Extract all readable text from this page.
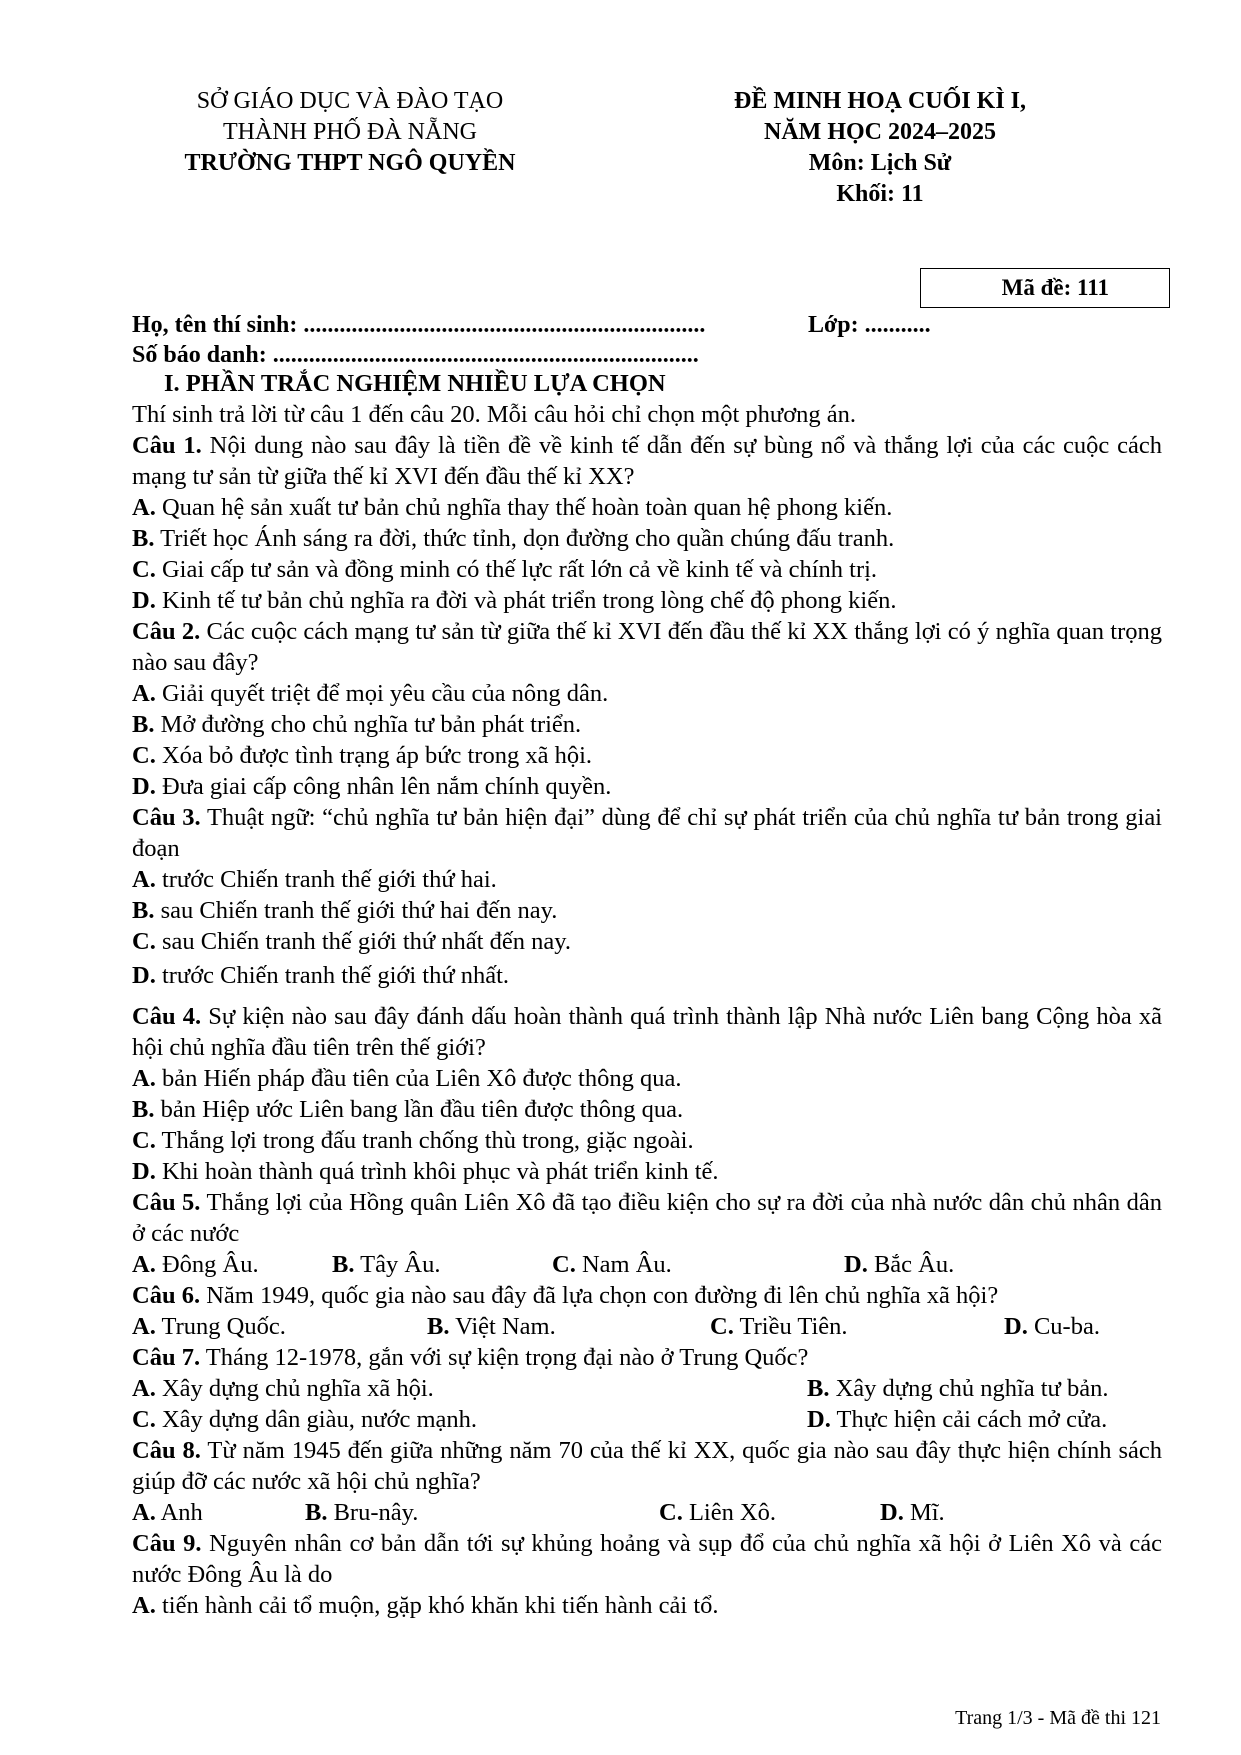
SỞ GIÁO DỤC VÀ ĐÀO TẠO
THÀNH PHỐ ĐÀ NẴNG
TRƯỜNG THPT NGÔ QUYỀN
ĐỀ MINH HOẠ CUỐI KÌ I,
NĂM HỌC 2024–2025
Môn: Lịch Sử
Khối: 11
Mã đề: 111
Họ, tên thí sinh: ...................................................................	Lớp: ...........
Số báo danh: .......................................................................

I. PHẦN TRẮC NGHIỆM NHIỀU LỰA CHỌN

Thí sinh trả lời từ câu 1 đến câu 20. Mỗi câu hỏi chỉ chọn một phương án.

Câu 1. Nội dung nào sau đây là tiền đề về kinh tế dẫn đến sự bùng nổ và thắng lợi của các cuộc cách mạng tư sản từ giữa thế kỉ XVI đến đầu thế kỉ XX?

A. Quan hệ sản xuất tư bản chủ nghĩa thay thế hoàn toàn quan hệ phong kiến.

B. Triết học Ánh sáng ra đời, thức tỉnh, dọn đường cho quần chúng đấu tranh.

C. Giai cấp tư sản và đồng minh có thế lực rất lớn cả về kinh tế và chính trị.

D. Kinh tế tư bản chủ nghĩa ra đời và phát triển trong lòng chế độ phong kiến.

Câu 2. Các cuộc cách mạng tư sản từ giữa thế kỉ XVI đến đầu thế kỉ XX thắng lợi có ý nghĩa quan trọng nào sau đây?

A. Giải quyết triệt để mọi yêu cầu của nông dân.

B. Mở đường cho chủ nghĩa tư bản phát triển.

C. Xóa bỏ được tình trạng áp bức trong xã hội.

D. Đưa giai cấp công nhân lên nắm chính quyền.

Câu 3. Thuật ngữ: “chủ nghĩa tư bản hiện đại” dùng để chỉ sự phát triển của chủ nghĩa tư bản trong giai đoạn

A. trước Chiến tranh thế giới thứ hai.

B. sau Chiến tranh thế giới thứ hai đến nay.

C. sau Chiến tranh thế giới thứ nhất đến nay.

D. trước Chiến tranh thế giới thứ nhất.

Câu 4. Sự kiện nào sau đây đánh dấu hoàn thành quá trình thành lập Nhà nước Liên bang Cộng hòa xã hội chủ nghĩa đầu tiên trên thế giới?

A. bản Hiến pháp đầu tiên của Liên Xô được thông qua.

B. bản Hiệp ước Liên bang lần đầu tiên được thông qua.

C. Thắng lợi trong đấu tranh chống thù trong, giặc ngoài.

D. Khi hoàn thành quá trình khôi phục và phát triển kinh tế.

Câu 5. Thắng lợi của Hồng quân Liên Xô đã tạo điều kiện cho sự ra đời của nhà nước dân chủ nhân dân ở các nước

A. Đông Âu.	B. Tây Âu.	C. Nam Âu.	D. Bắc Âu.

Câu 6. Năm 1949, quốc gia nào sau đây đã lựa chọn con đường đi lên chủ nghĩa xã hội?

A. Trung Quốc.	B. Việt Nam.	C. Triều Tiên.	D. Cu-ba.

Câu 7. Tháng 12-1978, gắn với sự kiện trọng đại nào ở Trung Quốc?

A. Xây dựng chủ nghĩa xã hội.	B. Xây dựng chủ nghĩa tư bản.
C. Xây dựng dân giàu, nước mạnh.	D. Thực hiện cải cách mở cửa.

Câu 8. Từ năm 1945 đến giữa những năm 70 của thế kỉ XX, quốc gia nào sau đây thực hiện chính sách giúp đỡ các nước xã hội chủ nghĩa?

A. Anh	B. Bru-nây.	C. Liên Xô.	D. Mĩ.

Câu 9. Nguyên nhân cơ bản dẫn tới sự khủng hoảng và sụp đổ của chủ nghĩa xã hội ở Liên Xô và các nước Đông Âu là do

A. tiến hành cải tổ muộn, gặp khó khăn khi tiến hành cải tổ.

Trang 1/3 - Mã đề thi 121
